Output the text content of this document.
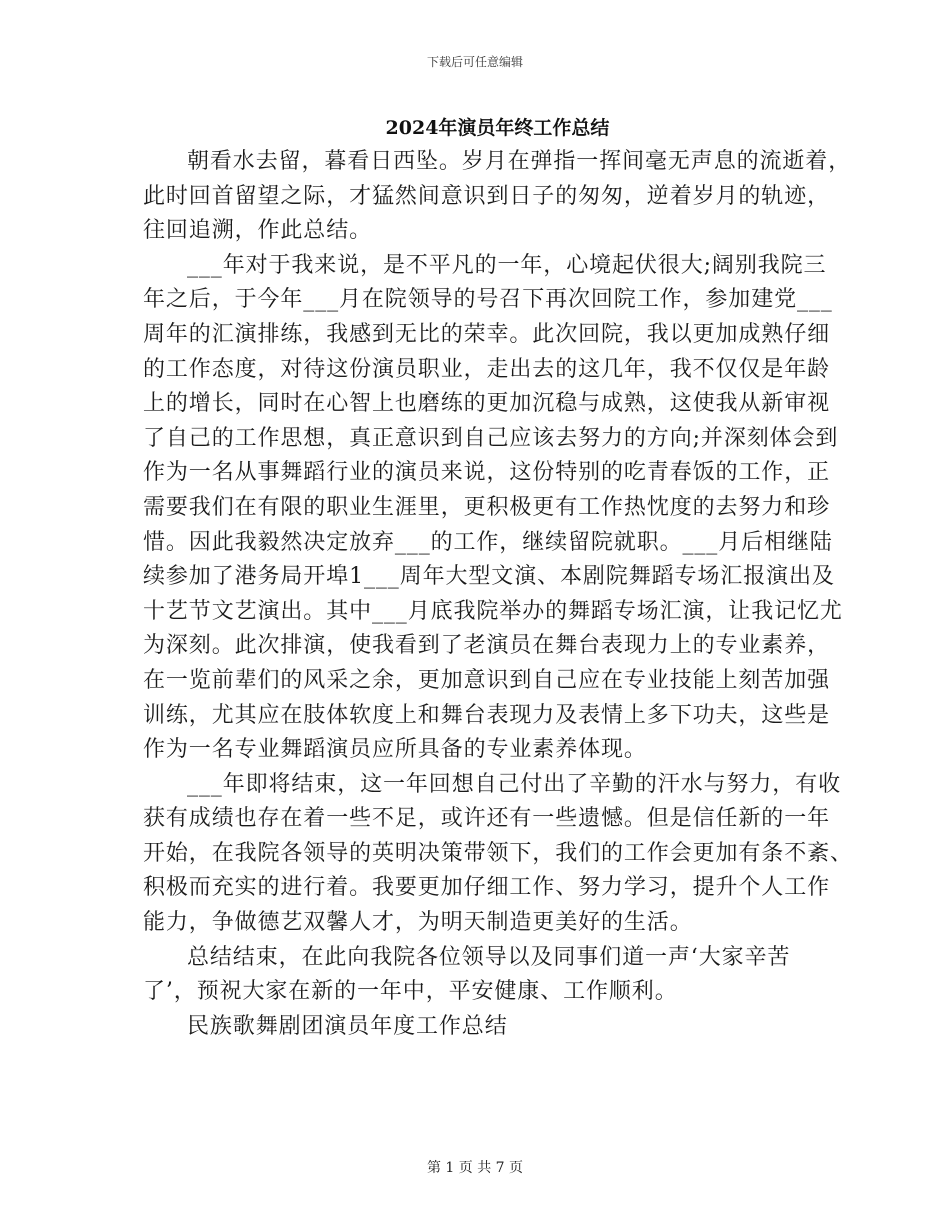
下载后可任意编辑
2024年演员年终工作总结
朝看水去留，暮看日西坠。岁月在弹指一挥间毫无声息的流逝着，
此时回首留望之际，才猛然间意识到日子的匆匆，逆着岁月的轨迹，
往回追溯，作此总结。
___年对于我来说，是不平凡的一年，心境起伏很大;阔别我院三
年之后，于今年___月在院领导的号召下再次回院工作，参加建党___
周年的汇演排练，我感到无比的荣幸。此次回院，我以更加成熟仔细
的工作态度，对待这份演员职业，走出去的这几年，我不仅仅是年龄
上的增长，同时在心智上也磨练的更加沉稳与成熟，这使我从新审视
了自己的工作思想，真正意识到自己应该去努力的方向;并深刻体会到
作为一名从事舞蹈行业的演员来说，这份特别的吃青春饭的工作，正
需要我们在有限的职业生涯里，更积极更有工作热忱度的去努力和珍
惜。因此我毅然决定放弃___的工作，继续留院就职。___月后相继陆
续参加了港务局开埠1___周年大型文演、本剧院舞蹈专场汇报演出及
十艺节文艺演出。其中___月底我院举办的舞蹈专场汇演，让我记忆尤
为深刻。此次排演，使我看到了老演员在舞台表现力上的专业素养，
在一览前辈们的风采之余，更加意识到自己应在专业技能上刻苦加强
训练，尤其应在肢体软度上和舞台表现力及表情上多下功夫，这些是
作为一名专业舞蹈演员应所具备的专业素养体现。
___年即将结束，这一年回想自己付出了辛勤的汗水与努力，有收
获有成绩也存在着一些不足，或许还有一些遗憾。但是信任新的一年
开始，在我院各领导的英明决策带领下，我们的工作会更加有条不紊、
积极而充实的进行着。我要更加仔细工作、努力学习，提升个人工作
能力，争做德艺双馨人才，为明天制造更美好的生活。
总结结束，在此向我院各位领导以及同事们道一声‘大家辛苦
了’，预祝大家在新的一年中，平安健康、工作顺利。
民族歌舞剧团演员年度工作总结
第 1 页 共 7 页
